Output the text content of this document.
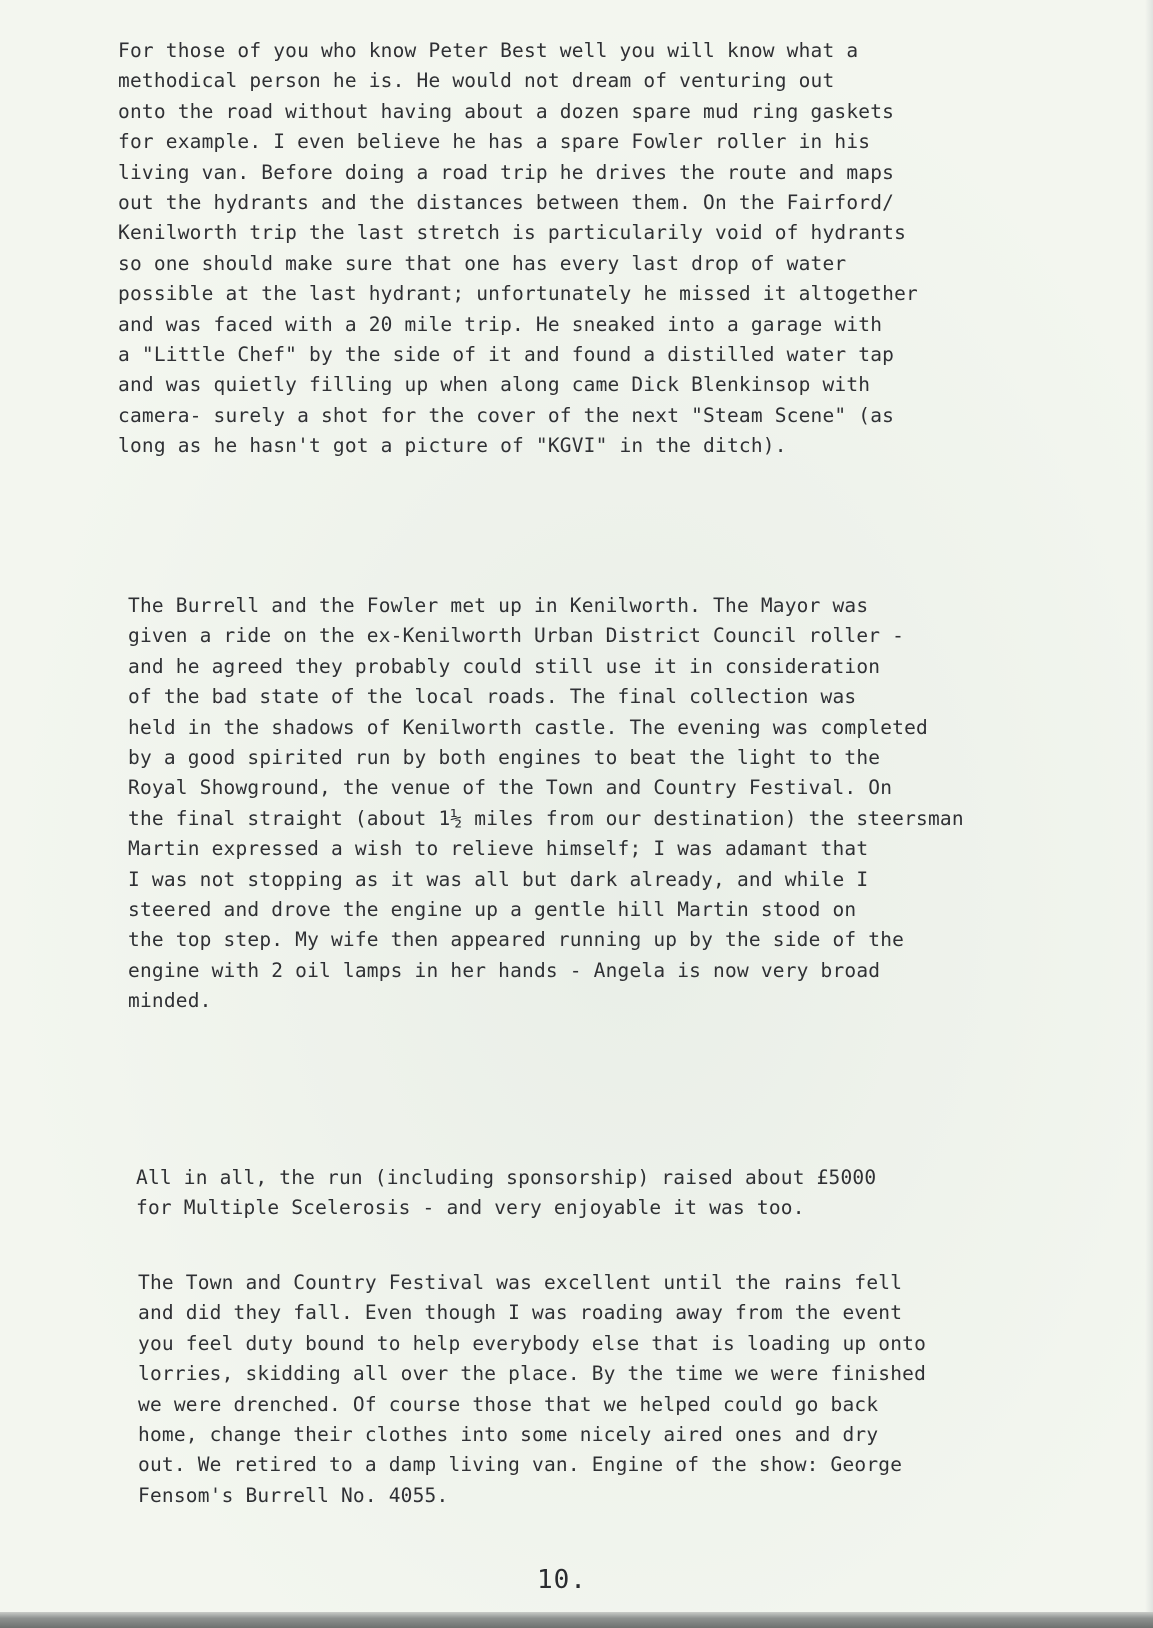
For those of you who know Peter Best well you will know what a
methodical person he is. He would not dream of venturing out
onto the road without having about a dozen spare mud ring gaskets
for example. I even believe he has a spare Fowler roller in his
living van. Before doing a road trip he drives the route and maps
out the hydrants and the distances between them. On the Fairford/
Kenilworth trip the last stretch is particularily void of hydrants
so one should make sure that one has every last drop of water
possible at the last hydrant; unfortunately he missed it altogether
and was faced with a 20 mile trip. He sneaked into a garage with
a "Little Chef" by the side of it and found a distilled water tap
and was quietly filling up when along came Dick Blenkinsop with
camera- surely a shot for the cover of the next "Steam Scene" (as
long as he hasn't got a picture of "KGVI" in the ditch).

The Burrell and the Fowler met up in Kenilworth. The Mayor was
given a ride on the ex-Kenilworth Urban District Council roller -
and he agreed they probably could still use it in consideration
of the bad state of the local roads. The final collection was
held in the shadows of Kenilworth castle. The evening was completed
by a good spirited run by both engines to beat the light to the
Royal Showground, the venue of the Town and Country Festival. On
the final straight (about 1½ miles from our destination) the steersman
Martin expressed a wish to relieve himself; I was adamant that
I was not stopping as it was all but dark already, and while I
steered and drove the engine up a gentle hill Martin stood on
the top step. My wife then appeared running up by the side of the
engine with 2 oil lamps in her hands - Angela is now very broad
minded.

All in all, the run (including sponsorship) raised about £5000
for Multiple Scelerosis - and very enjoyable it was too.

The Town and Country Festival was excellent until the rains fell
and did they fall. Even though I was roading away from the event
you feel duty bound to help everybody else that is loading up onto
lorries, skidding all over the place. By the time we were finished
we were drenched. Of course those that we helped could go back
home, change their clothes into some nicely aired ones and dry
out. We retired to a damp living van. Engine of the show: George
Fensom's Burrell No. 4055.

10.
